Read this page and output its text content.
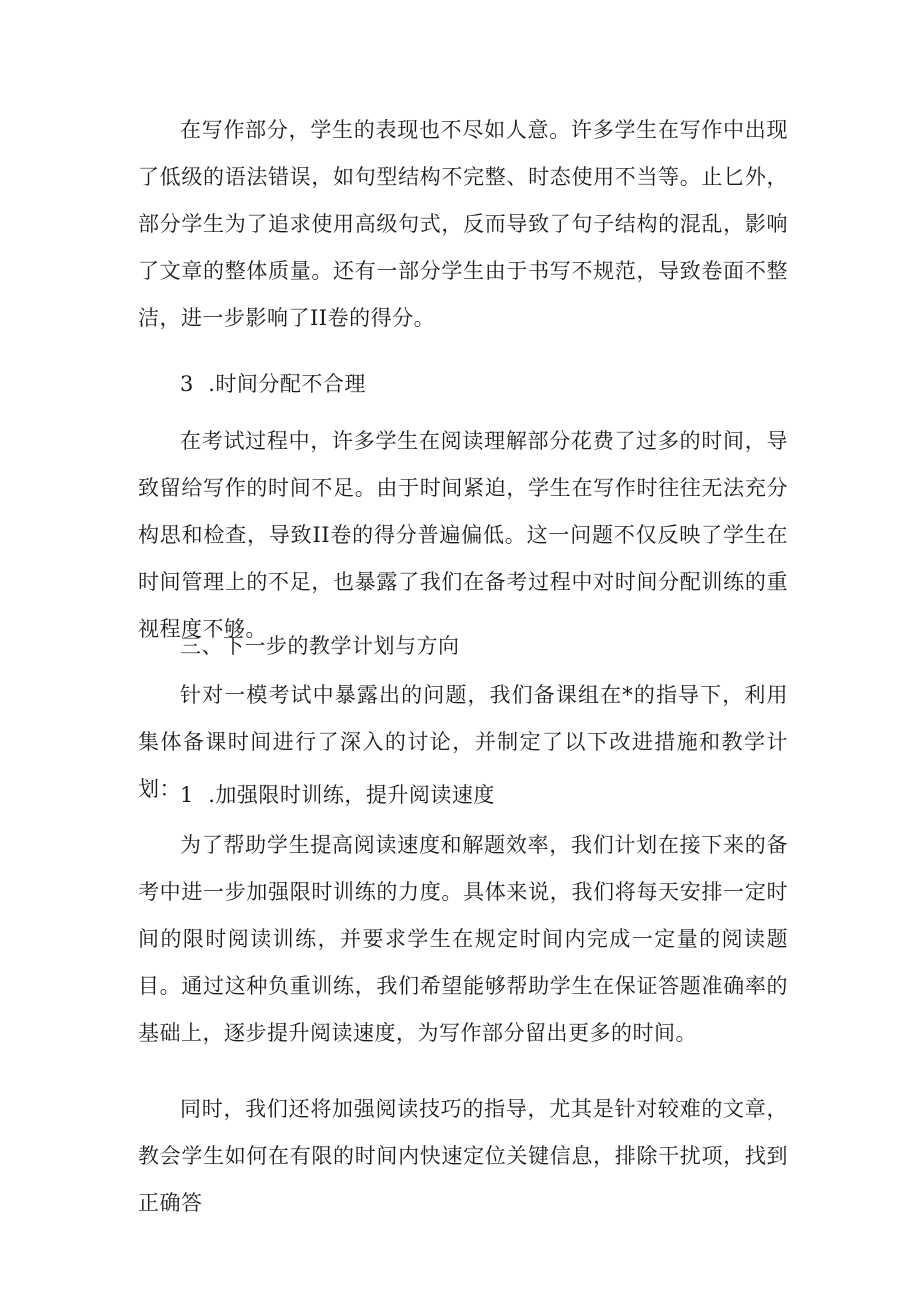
在写作部分，学生的表现也不尽如人意。许多学生在写作中出现了低级的语法错误，如句型结构不完整、时态使用不当等。止匕外，部分学生为了追求使用高级句式，反而导致了句子结构的混乱，影响了文章的整体质量。还有一部分学生由于书写不规范，导致卷面不整洁，进一步影响了II卷的得分。

3  .时间分配不合理

在考试过程中，许多学生在阅读理解部分花费了过多的时间，导致留给写作的时间不足。由于时间紧迫，学生在写作时往往无法充分构思和检查，导致II卷的得分普遍偏低。这一问题不仅反映了学生在时间管理上的不足，也暴露了我们在备考过程中对时间分配训练的重视程度不够。

三、下一步的教学计划与方向

针对一模考试中暴露出的问题，我们备课组在*的指导下，利用集体备课时间进行了深入的讨论，并制定了以下改进措施和教学计划： 1  .加强限时训练，提升阅读速度

为了帮助学生提高阅读速度和解题效率，我们计划在接下来的备考中进一步加强限时训练的力度。具体来说，我们将每天安排一定时间的限时阅读训练，并要求学生在规定时间内完成一定量的阅读题目。通过这种负重训练，我们希望能够帮助学生在保证答题准确率的基础上，逐步提升阅读速度，为写作部分留出更多的时间。

同时，我们还将加强阅读技巧的指导，尤其是针对较难的文章，教会学生如何在有限的时间内快速定位关键信息，排除干扰项，找到正确答
